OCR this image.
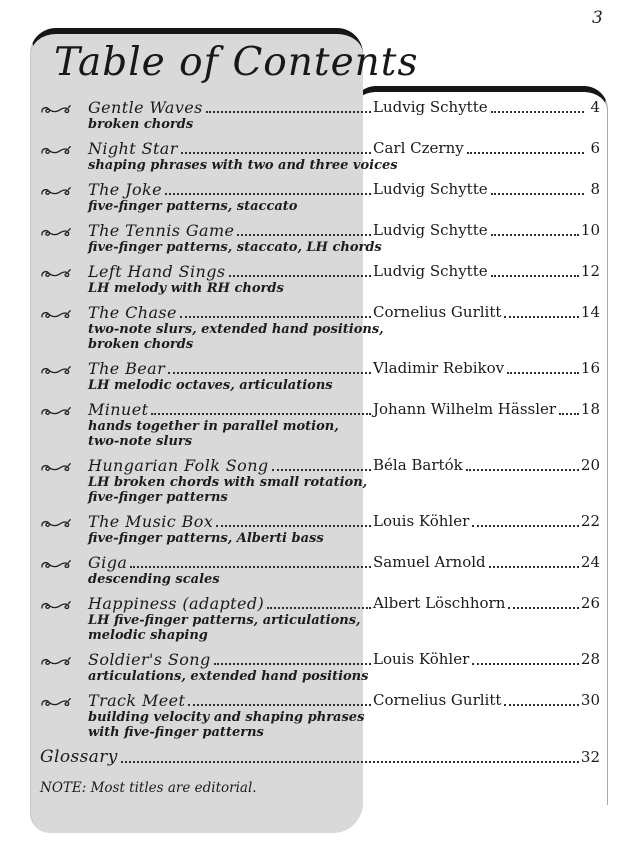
3
Table of Contents
Gentle Waves	Ludvig Schytte	4
broken chords
Night Star	Carl Czerny	6
shaping phrases with two and three voices
The Joke	Ludvig Schytte	8
five-finger patterns, staccato
The Tennis Game	Ludvig Schytte	10
five-finger patterns, staccato, LH chords
Left Hand Sings	Ludvig Schytte	12
LH melody with RH chords
The Chase	Cornelius Gurlitt	14
two-note slurs, extended hand positions,
broken chords
The Bear	Vladimir Rebikov	16
LH melodic octaves, articulations
Minuet	Johann Wilhelm Hässler 18
hands together in parallel motion,
two-note slurs
Hungarian Folk Song	Béla Bartók	20
LH broken chords with small rotation,
five-finger patterns
The Music Box	Louis Köhler	22
five-finger patterns, Alberti bass
Giga	Samuel Arnold	24
descending scales
Happiness (adapted)	Albert Löschhorn	26
LH five-finger patterns, articulations,
melodic shaping
Soldier's Song	Louis Köhler	28
articulations, extended hand positions
Track Meet	Cornelius Gurlitt	30
building velocity and shaping phrases
with five-finger patterns
Glossary	32
NOTE: Most titles are editorial.
